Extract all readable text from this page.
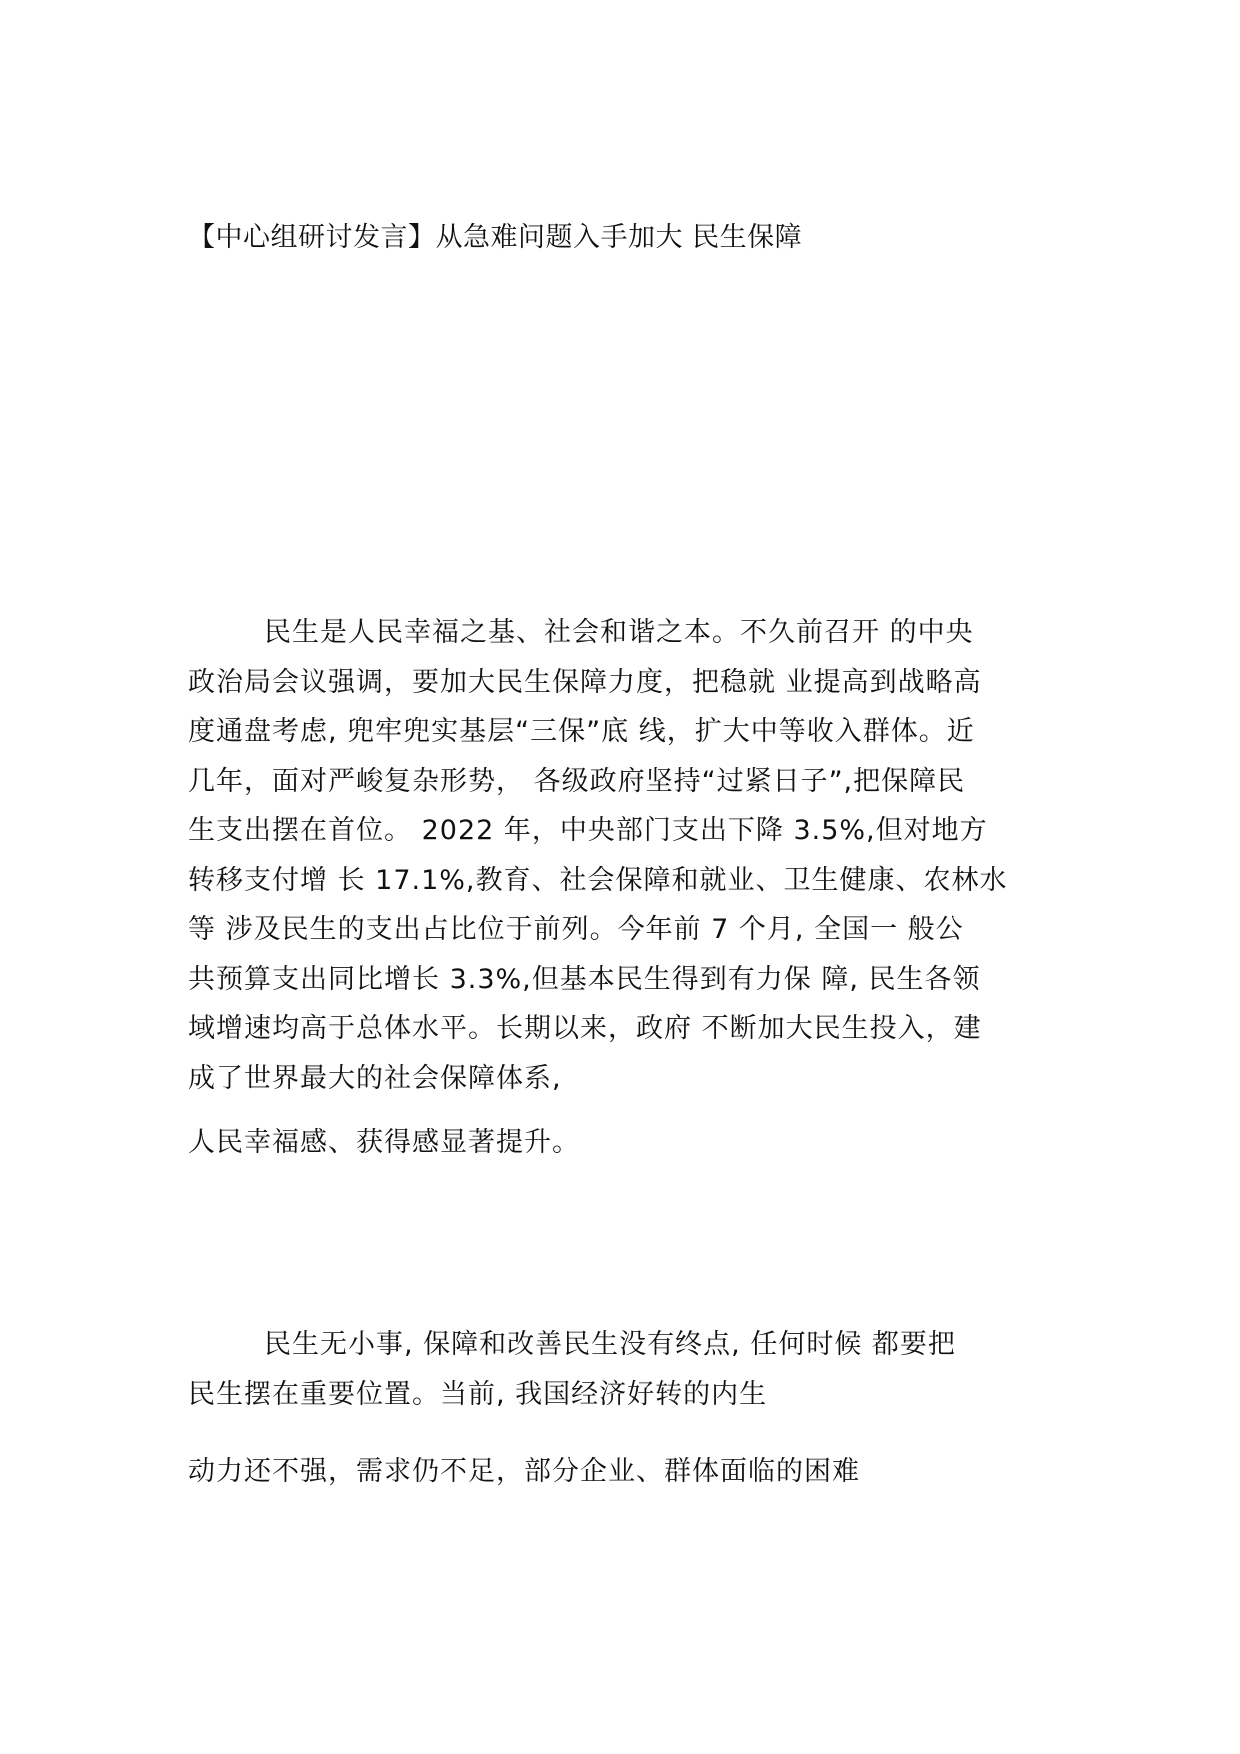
【中心组研讨发言】从急难问题入手加大 民生保障
民生是人民幸福之基、社会和谐之本。不久前召开 的中央
政治局会议强调，要加大民生保障力度，把稳就 业提高到战略高
度通盘考虑, 兜牢兜实基层“三保”底 线，扩大中等收入群体。近
几年，面对严峻复杂形势， 各级政府坚持“过紧日子”,把保障民
生支出摆在首位。 2022 年，中央部门支出下降 3.5%,但对地方
转移支付增 长 17.1%,教育、社会保障和就业、卫生健康、农林水
等 涉及民生的支出占比位于前列。今年前 7 个月, 全国一 般公
共预算支出同比增长 3.3%,但基本民生得到有力保 障, 民生各领
域增速均高于总体水平。长期以来，政府 不断加大民生投入，建
成了世界最大的社会保障体系,
人民幸福感、获得感显著提升。
民生无小事, 保障和改善民生没有终点, 任何时候 都要把
民生摆在重要位置。当前, 我国经济好转的内生
动力还不强，需求仍不足，部分企业、群体面临的困难
